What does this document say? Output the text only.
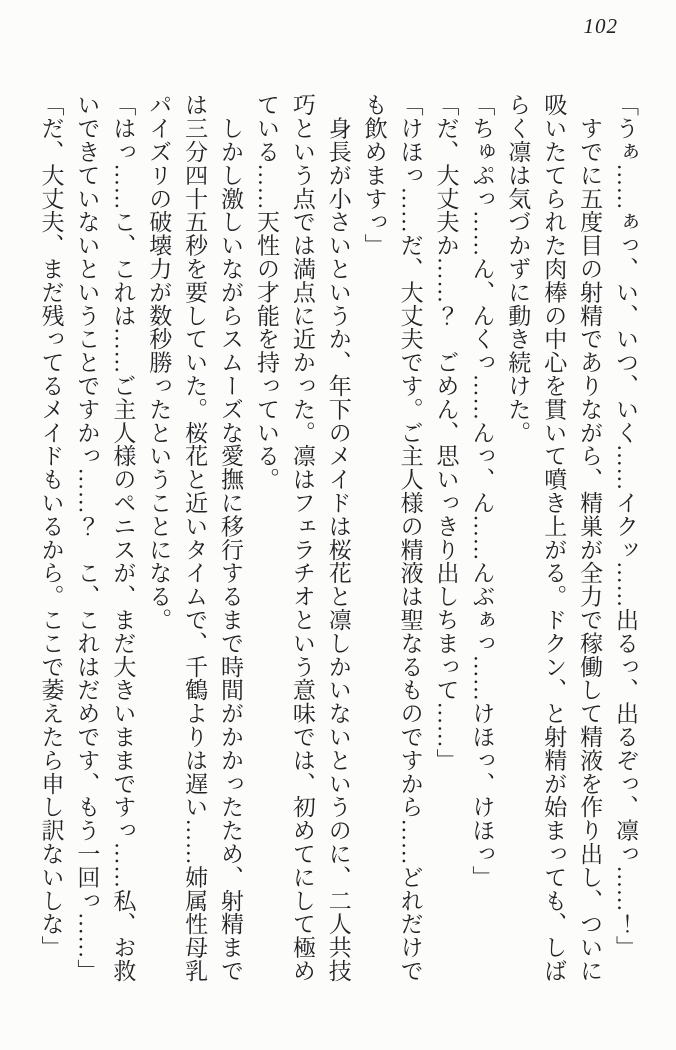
102
「うぁ……ぁっ、い、いつ、いく……イクッ……出るっ、出るぞっ、凛っ……！」
　すでに五度目の射精でありながら、精巣が全力で稼働して精液を作り出し、ついに
吸いたてられた肉棒の中心を貫いて噴き上がる。ドクン、と射精が始まっても、しば
らく凛は気づかずに動き続けた。
「ちゅぷっ……ん、んくっ……んっ、ん……んぶぁっ……けほっ、けほっ」
「だ、大丈夫か……？　ごめん、思いっきり出しちまって……」
「けほっ……だ、大丈夫です。ご主人様の精液は聖なるものですから……どれだけで
も飲めますっ」
　身長が小さいというか、年下のメイドは桜花と凛しかいないというのに、二人共技
巧という点では満点に近かった。凛はフェラチオという意味では、初めてにして極め
ている……天性の才能を持っている。
　しかし激しいながらスムーズな愛撫に移行するまで時間がかかったため、射精まで
は三分四十五秒を要していた。桜花と近いタイムで、千鶴よりは遅い……姉属性母乳
パイズリの破壊力が数秒勝ったということになる。
「はっ……こ、これは……ご主人様のペニスが、まだ大きいままですっ……私、お救
いできていないということですかっ……？　こ、これはだめです、もう一回っ……」
「だ、大丈夫、まだ残ってるメイドもいるから。ここで萎えたら申し訳ないしな」
